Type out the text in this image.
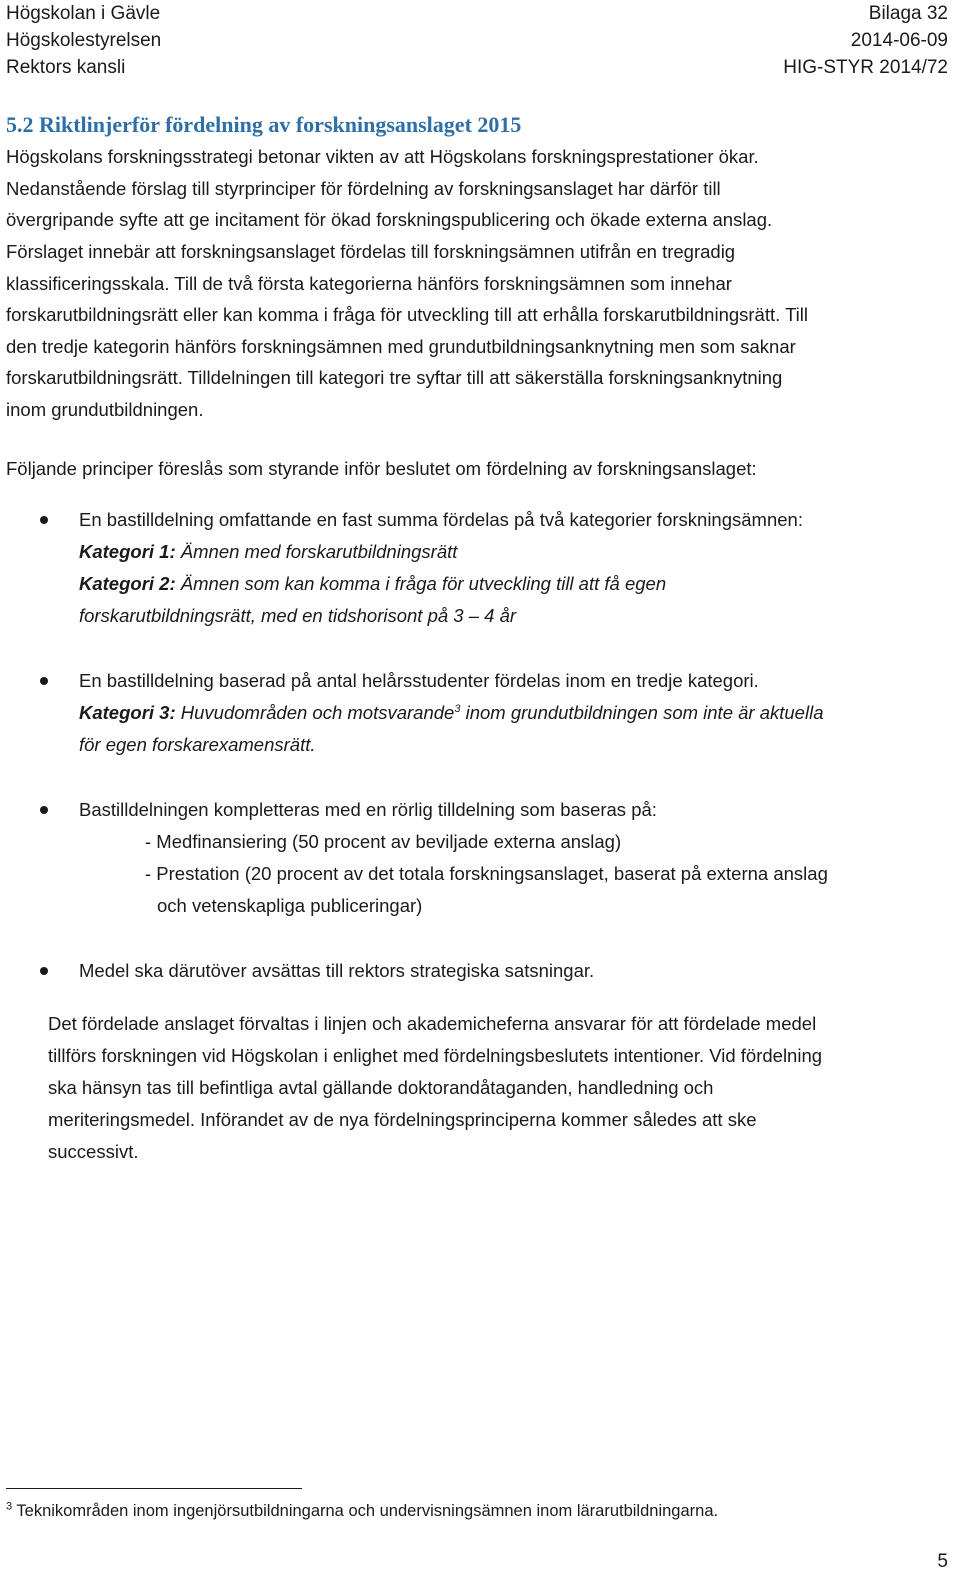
Högskolan i Gävle	Bilaga 32
Högskolestyrelsen	2014-06-09
Rektors kansli	HIG-STYR 2014/72
5.2 Riktlinjerför fördelning av forskningsanslaget 2015
Högskolans forskningsstrategi betonar vikten av att Högskolans forskningsprestationer ökar.
Nedanstående förslag till styrprinciper för fördelning av forskningsanslaget har därför till
övergripande syfte att ge incitament för ökad forskningspublicering och ökade externa anslag.
Förslaget innebär att forskningsanslaget fördelas till forskningsämnen utifrån en tregradig
klassificeringsskala. Till de två första kategorierna hänförs forskningsämnen som innehar
forskarutbildningsrätt eller kan komma i fråga för utveckling till att erhålla forskarutbildningsrätt. Till
den tredje kategorin hänförs forskningsämnen med grundutbildningsanknytning men som saknar
forskarutbildningsrätt. Tilldelningen till kategori tre syftar till att säkerställa forskningsanknytning
inom grundutbildningen.
Följande principer föreslås som styrande inför beslutet om fördelning av forskningsanslaget:
En bastilldelning omfattande en fast summa fördelas på två kategorier forskningsämnen:
Kategori 1: Ämnen med forskarutbildningsrätt
Kategori 2: Ämnen som kan komma i fråga för utveckling till att få egen
forskarutbildningsrätt, med en tidshorisont på 3 – 4 år
En bastilldelning baserad på antal helårsstudenter fördelas inom en tredje kategori.
Kategori 3: Huvudområden och motsvarande$^3$ inom grundutbildningen som inte är aktuella
för egen forskarexamensrätt.
Bastilldelningen kompletteras med en rörlig tilldelning som baseras på:
- Medfinansiering (50 procent av beviljade externa anslag)
- Prestation (20 procent av det totala forskningsanslaget, baserat på externa anslag
och vetenskapliga publiceringar)
Medel ska därutöver avsättas till rektors strategiska satsningar.
Det fördelade anslaget förvaltas i linjen och akademicheferna ansvarar för att fördelade medel
tillförs forskningen vid Högskolan i enlighet med fördelningsbeslutets intentioner. Vid fördelning
ska hänsyn tas till befintliga avtal gällande doktorandåtaganden, handledning och
meriteringsmedel. Införandet av de nya fördelningsprinciperna kommer således att ske
successivt.
$^3$ Teknikområden inom ingenjörsutbildningarna och undervisningsämnen inom lärarutbildningarna.
5
